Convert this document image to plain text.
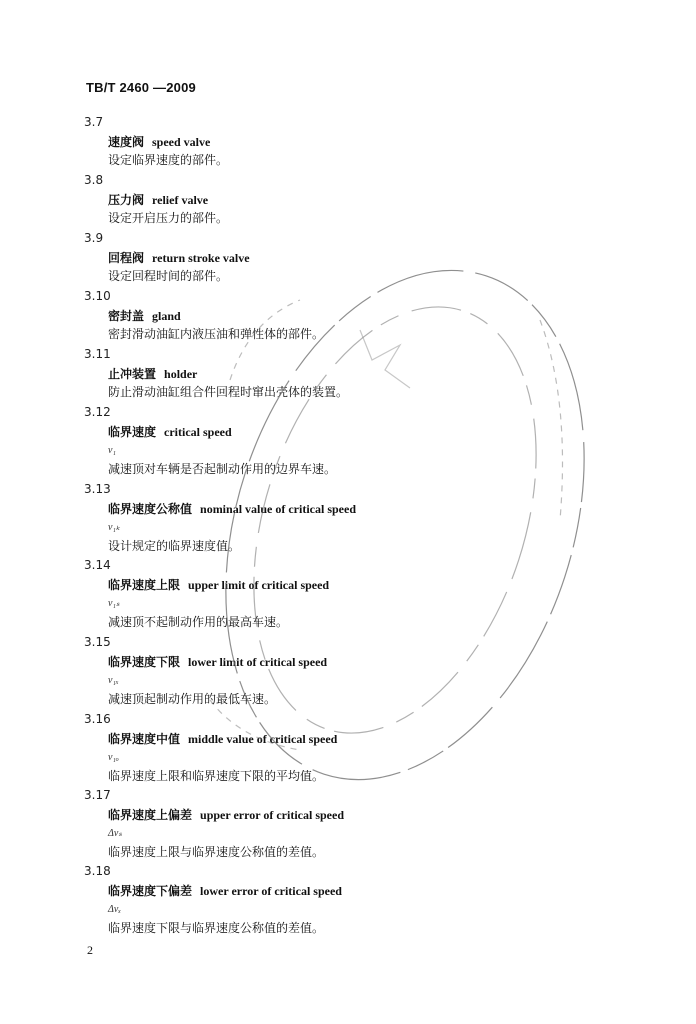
TB/T 2460 —2009
3.7
速度阀 speed valve
设定临界速度的部件。
3.8
压力阀 relief valve
设定开启压力的部件。
3.9
回程阀 return stroke valve
设定回程时间的部件。
3.10
密封盖 gland
密封滑动油缸内液压油和弹性体的部件。
3.11
止冲装置 holder
防止滑动油缸组合件回程时窜出壳体的装置。
3.12
临界速度 critical speed
v₁
减速顶对车辆是否起制动作用的边界车速。
3.13
临界速度公称值 nominal value of critical speed
v₁ₖ
设计规定的临界速度值。
3.14
临界速度上限 upper limit of critical speed
v₁ₛ
减速顶不起制动作用的最高车速。
3.15
临界速度下限 lower limit of critical speed
v₁ₓ
减速顶起制动作用的最低车速。
3.16
临界速度中值 middle value of critical speed
v₁ₒ
临界速度上限和临界速度下限的平均值。
3.17
临界速度上偏差 upper error of critical speed
Δvₛ
临界速度上限与临界速度公称值的差值。
3.18
临界速度下偏差 lower error of critical speed
Δvₓ
临界速度下限与临界速度公称值的差值。
2
